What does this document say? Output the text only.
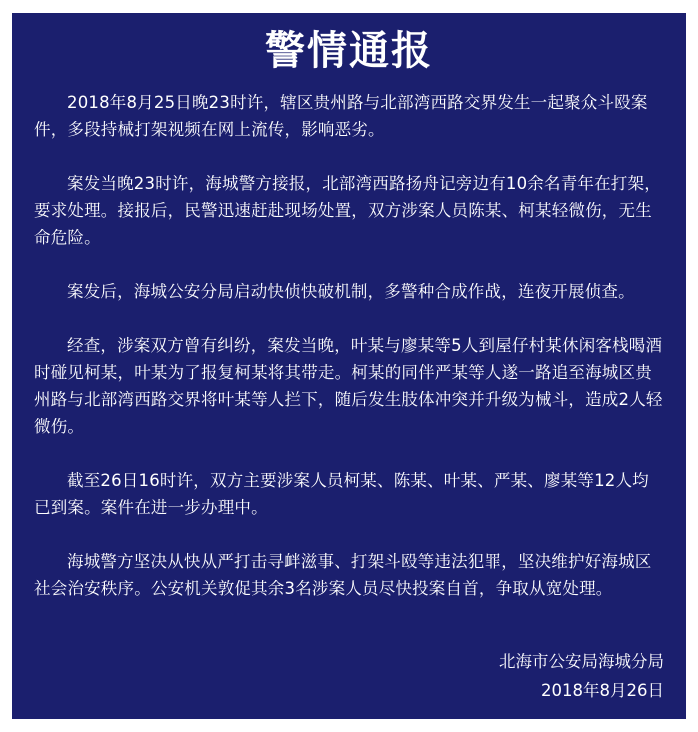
警情通报

2018年8月25日晚23时许，辖区贵州路与北部湾西路交界发生一起聚众斗殴案件，多段持械打架视频在网上流传，影响恶劣。

案发当晚23时许，海城警方接报，北部湾西路扬舟记旁边有10余名青年在打架，要求处理。接报后，民警迅速赶赴现场处置，双方涉案人员陈某、柯某轻微伤，无生命危险。

案发后，海城公安分局启动快侦快破机制，多警种合成作战，连夜开展侦查。

经查，涉案双方曾有纠纷，案发当晚，叶某与廖某等5人到屋仔村某休闲客栈喝酒时碰见柯某，叶某为了报复柯某将其带走。柯某的同伴严某等人遂一路追至海城区贵州路与北部湾西路交界将叶某等人拦下，随后发生肢体冲突并升级为械斗，造成2人轻微伤。

截至26日16时许，双方主要涉案人员柯某、陈某、叶某、严某、廖某等12人均已到案。案件在进一步办理中。

海城警方坚决从快从严打击寻衅滋事、打架斗殴等违法犯罪，坚决维护好海城区社会治安秩序。公安机关敦促其余3名涉案人员尽快投案自首，争取从宽处理。

北海市公安局海城分局
2018年8月26日
